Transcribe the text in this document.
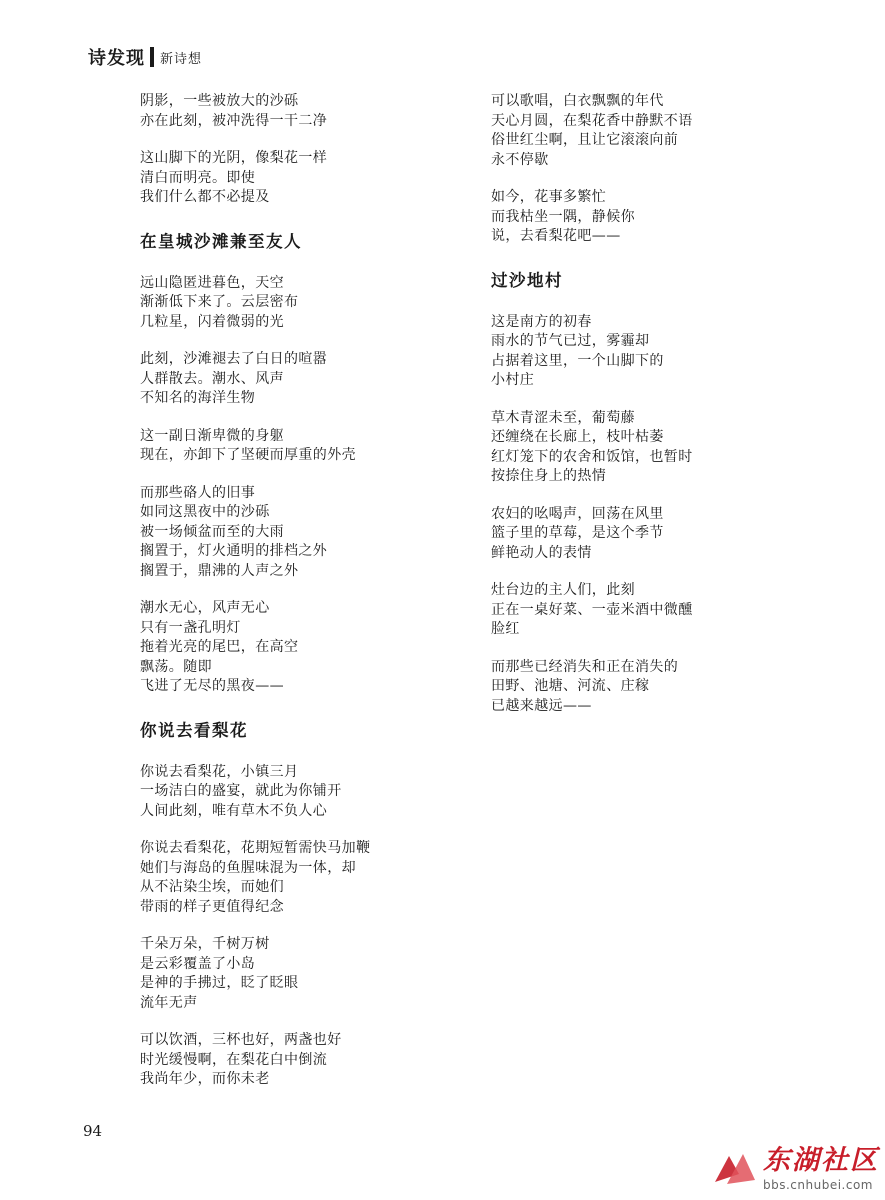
诗发现 新诗想
阴影，一些被放大的沙砾
亦在此刻，被冲洗得一干二净
这山脚下的光阴，像梨花一样
清白而明亮。即使
我们什么都不必提及
在皇城沙滩兼至友人
远山隐匿进暮色，天空
渐渐低下来了。云层密布
几粒星，闪着微弱的光
此刻，沙滩褪去了白日的喧嚣
人群散去。潮水、风声
不知名的海洋生物
这一副日渐卑微的身躯
现在，亦卸下了坚硬而厚重的外壳
而那些硌人的旧事
如同这黑夜中的沙砾
被一场倾盆而至的大雨
搁置于，灯火通明的排档之外
搁置于，鼎沸的人声之外
潮水无心，风声无心
只有一盏孔明灯
拖着光亮的尾巴，在高空
飘荡。随即
飞进了无尽的黑夜——
你说去看梨花
你说去看梨花，小镇三月
一场洁白的盛宴，就此为你铺开
人间此刻，唯有草木不负人心
你说去看梨花，花期短暂需快马加鞭
她们与海岛的鱼腥味混为一体，却
从不沾染尘埃，而她们
带雨的样子更值得纪念
千朵万朵，千树万树
是云彩覆盖了小岛
是神的手拂过，眨了眨眼
流年无声
可以饮酒，三杯也好，两盏也好
时光缓慢啊，在梨花白中倒流
我尚年少，而你未老
可以歌唱，白衣飘飘的年代
天心月圆，在梨花香中静默不语
俗世红尘啊，且让它滚滚向前
永不停歇
如今，花事多繁忙
而我枯坐一隅，静候你
说，去看梨花吧——
过沙地村
这是南方的初春
雨水的节气已过，雾霾却
占据着这里，一个山脚下的
小村庄
草木青涩未至，葡萄藤
还缠绕在长廊上，枝叶枯萎
红灯笼下的农舍和饭馆，也暂时
按捺住身上的热情
农妇的吆喝声，回荡在风里
篮子里的草莓，是这个季节
鲜艳动人的表情
灶台边的主人们，此刻
正在一桌好菜、一壶米酒中微醺
脸红
而那些已经消失和正在消失的
田野、池塘、河流、庄稼
已越来越远——
94
东湖社区
bbs.cnhubei.com
